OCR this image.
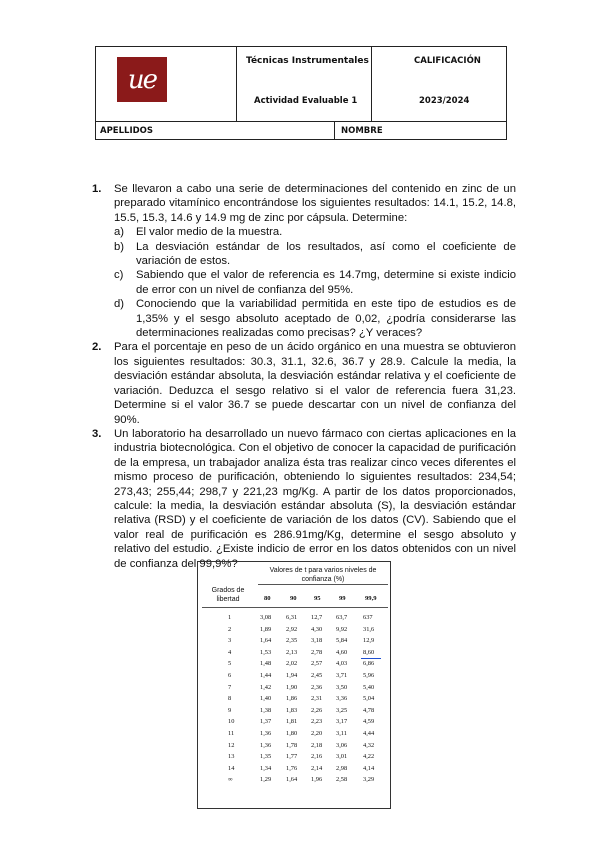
ue
Técnicas Instrumentales
Actividad Evaluable 1
CALIFICACIÓN
2023/2024
APELLIDOS	NOMBRE
1. Se llevaron a cabo una serie de determinaciones del contenido en zinc de un preparado vitamínico encontrándose los siguientes resultados: 14.1, 15.2, 14.8, 15.5, 15.3, 14.6 y 14.9 mg de zinc por cápsula. Determine:
a) El valor medio de la muestra.
b) La desviación estándar de los resultados, así como el coeficiente de variación de estos.
c) Sabiendo que el valor de referencia es 14.7mg, determine si existe indicio de error con un nivel de confianza del 95%.
d) Conociendo que la variabilidad permitida en este tipo de estudios es de 1,35% y el sesgo absoluto aceptado de 0,02, ¿podría considerarse las determinaciones realizadas como precisas? ¿Y veraces?
2. Para el porcentaje en peso de un ácido orgánico en una muestra se obtuvieron los siguientes resultados: 30.3, 31.1, 32.6, 36.7 y 28.9. Calcule la media, la desviación estándar absoluta, la desviación estándar relativa y el coeficiente de variación. Deduzca el sesgo relativo si el valor de referencia fuera 31,23. Determine si el valor 36.7 se puede descartar con un nivel de confianza del 90%.
3. Un laboratorio ha desarrollado un nuevo fármaco con ciertas aplicaciones en la industria biotecnológica. Con el objetivo de conocer la capacidad de purificación de la empresa, un trabajador analiza ésta tras realizar cinco veces diferentes el mismo proceso de purificación, obteniendo lo siguientes resultados: 234,54; 273,43; 255,44; 298,7 y 221,23 mg/Kg. A partir de los datos proporcionados, calcule: la media, la desviación estándar absoluta (S), la desviación estándar relativa (RSD) y el coeficiente de variación de los datos (CV). Sabiendo que el valor real de purificación es 286.91mg/Kg, determine el sesgo absoluto y relativo del estudio. ¿Existe indicio de error en los datos obtenidos con un nivel de confianza del 99,9%?
Valores de t para varios niveles de confianza (%)
Grados de libertad	80	90	95	99	99,9
1	3,08 6,31 12,7 63,7 637
2	1,89 2,92 4,30 9,92 31,6
3	1,64 2,35 3,18 5,84 12,9
4	1,53 2,13 2,78 4,60 8,60
5	1,48 2,02 2,57 4,03 6,86
6	1,44 1,94 2,45 3,71 5,96
7	1,42 1,90 2,36 3,50 5,40
8	1,40 1,86 2,31 3,36 5,04
9	1,38 1,83 2,26 3,25 4,78
10	1,37 1,81 2,23 3,17 4,59
11	1,36 1,80 2,20 3,11	4,44
12	1,36 1,78 2,18 3,06 4,32
13	1,35 1,77 2,16 3,01 4,22
14	1,34 1,76 2,14 2,98 4,14
∞	1,29 1,64 1,96 2,58 3,29
